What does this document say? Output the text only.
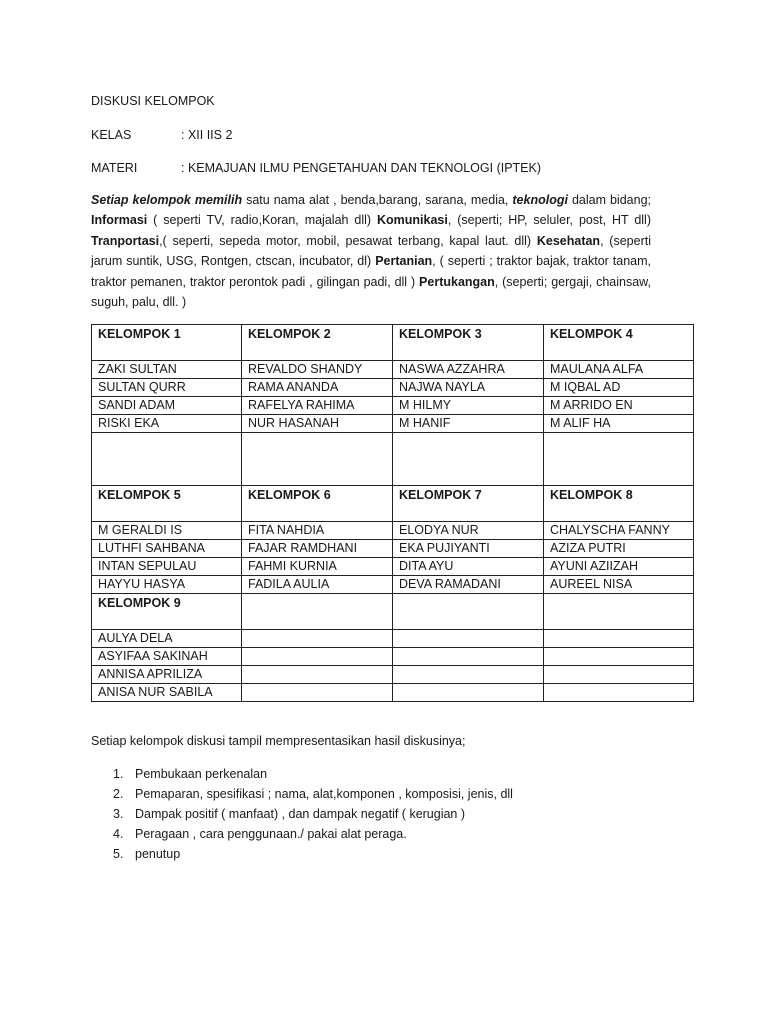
DISKUSI KELOMPOK
KELAS	: XII IIS 2
MATERI	: KEMAJUAN ILMU PENGETAHUAN DAN TEKNOLOGI (IPTEK)
Setiap kelompok memilih satu nama alat , benda,barang, sarana, media, teknologi dalam bidang; Informasi ( seperti TV, radio,Koran, majalah dll) Komunikasi, (seperti; HP, seluler, post, HT dll) Tranportasi,( seperti, sepeda motor, mobil, pesawat terbang, kapal laut. dll) Kesehatan, (seperti jarum suntik, USG, Rontgen, ctscan, incubator, dl) Pertanian, ( seperti ; traktor bajak, traktor tanam, traktor pemanen, traktor perontok padi , gilingan padi, dll ) Pertukangan, (seperti; gergaji, chainsaw, suguh, palu, dll. )
KELOMPOK 1	KELOMPOK 2	KELOMPOK 3	KELOMPOK 4
ZAKI SULTAN	REVALDO SHANDY	NASWA AZZAHRA	MAULANA ALFA
SULTAN QURR	RAMA ANANDA	NAJWA NAYLA	M IQBAL AD
SANDI ADAM	RAFELYA RAHIMA	M HILMY	M ARRIDO EN
RISKI EKA	NUR HASANAH	M HANIF	M ALIF HA

KELOMPOK 5	KELOMPOK 6	KELOMPOK 7	KELOMPOK 8
M GERALDI IS	FITA NAHDIA	ELODYA NUR	CHALYSCHA FANNY
LUTHFI SAHBANA	FAJAR RAMDHANI	EKA PUJIYANTI	AZIZA PUTRI
INTAN SEPULAU	FAHMI KURNIA	DITA AYU	AYUNI AZIIZAH
HAYYU HASYA	FADILA AULIA	DEVA RAMADANI	AUREEL NISA
KELOMPOK 9			
AULYA DELA			
ASYIFAA SAKINAH			
ANNISA APRILIZA			
ANISA NUR SABILA			
Setiap kelompok diskusi tampil mempresentasikan hasil diskusinya;
1. Pembukaan perkenalan
2. Pemaparan, spesifikasi ; nama, alat,komponen , komposisi, jenis, dll
3. Dampak positif ( manfaat) , dan dampak negatif ( kerugian )
4. Peragaan , cara penggunaan./ pakai alat peraga.
5. penutup
